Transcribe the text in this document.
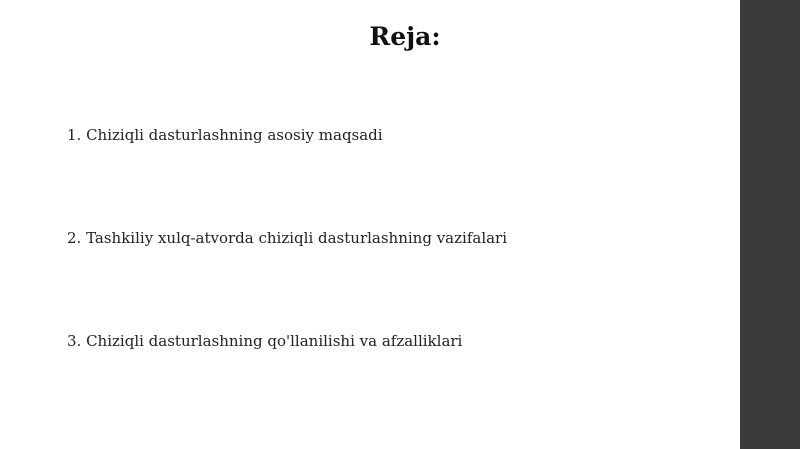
Reja:
1. Chiziqli dasturlashning asosiy maqsadi
2. Tashkiliy xulq-atvorda chiziqli dasturlashning vazifalari
3. Chiziqli dasturlashning qo'llanilishi va afzalliklari
